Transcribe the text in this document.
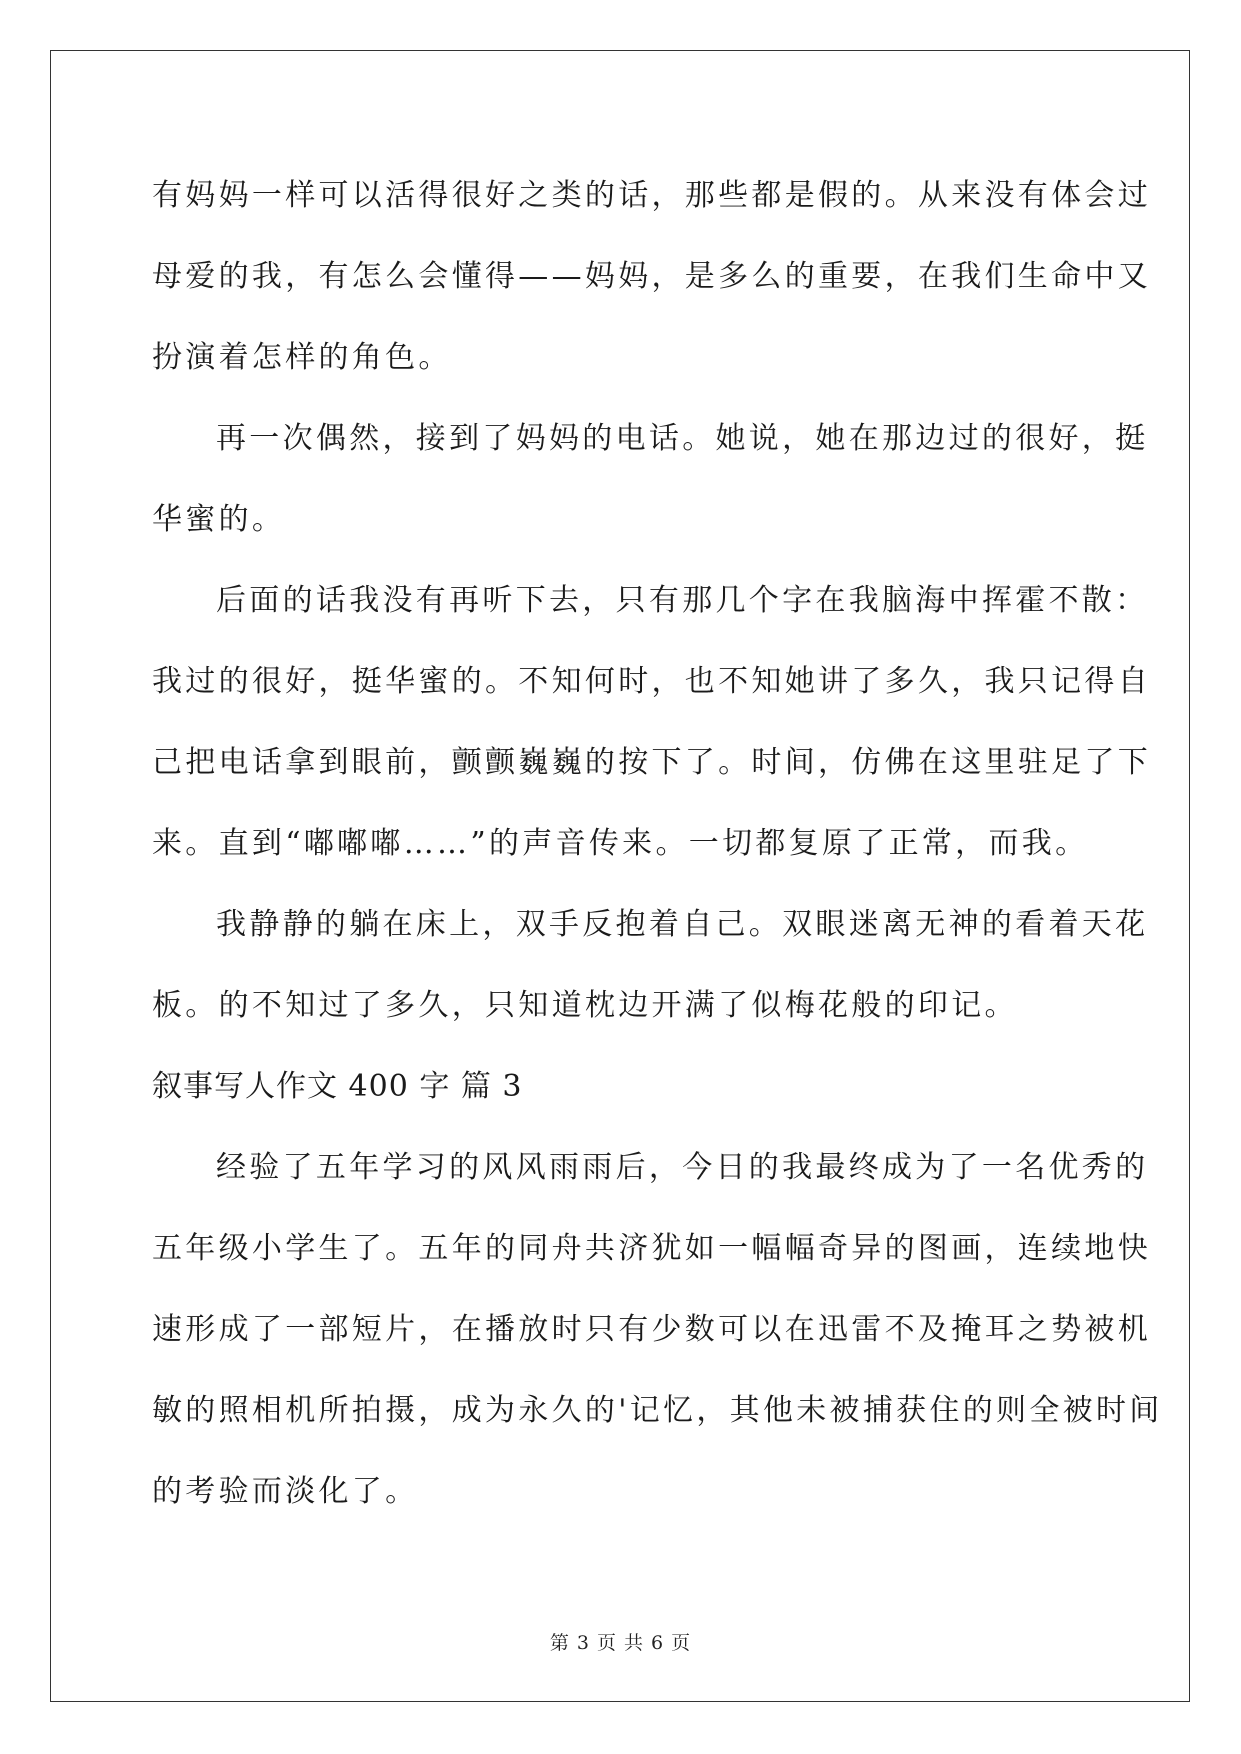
有妈妈一样可以活得很好之类的话，那些都是假的。从来没有体会过
母爱的我，有怎么会懂得——妈妈，是多么的重要，在我们生命中又
扮演着怎样的角色。
再一次偶然，接到了妈妈的电话。她说，她在那边过的很好，挺
华蜜的。
后面的话我没有再听下去，只有那几个字在我脑海中挥霍不散：
我过的很好，挺华蜜的。不知何时，也不知她讲了多久，我只记得自
己把电话拿到眼前，颤颤巍巍的按下了。时间，仿佛在这里驻足了下
来。直到“嘟嘟嘟……”的声音传来。一切都复原了正常，而我。
我静静的躺在床上，双手反抱着自己。双眼迷离无神的看着天花
板。的不知过了多久，只知道枕边开满了似梅花般的印记。
叙事写人作文 400 字 篇 3
经验了五年学习的风风雨雨后，今日的我最终成为了一名优秀的
五年级小学生了。五年的同舟共济犹如一幅幅奇异的图画，连续地快
速形成了一部短片，在播放时只有少数可以在迅雷不及掩耳之势被机
敏的照相机所拍摄，成为永久的'记忆，其他未被捕获住的则全被时间
的考验而淡化了。
第 3 页 共 6 页
